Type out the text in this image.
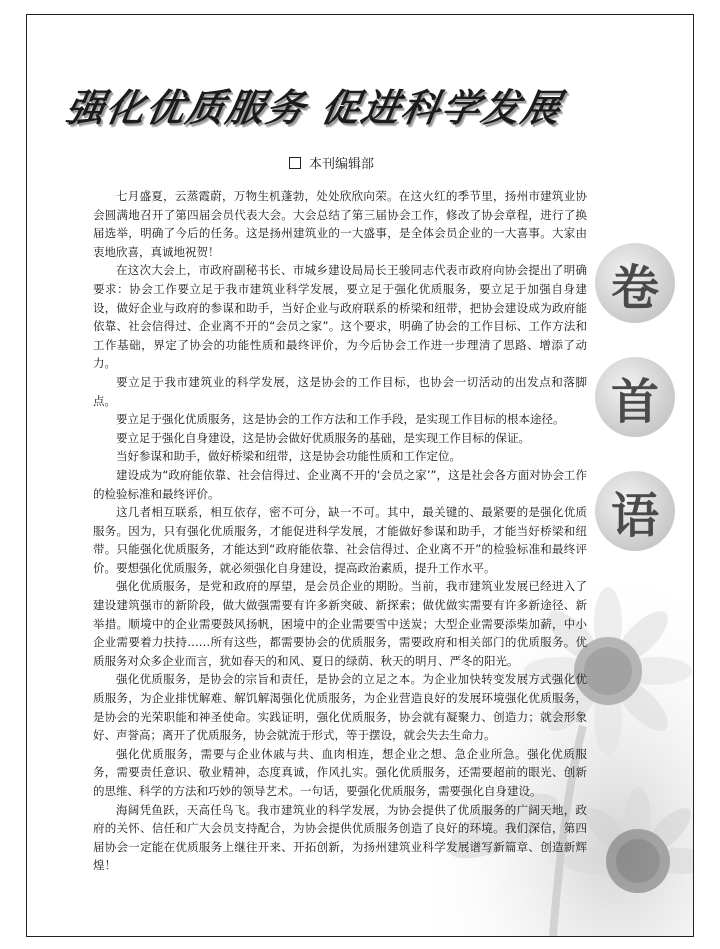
强化优质服务 促进科学发展
本刊编辑部
卷
首
语

七月盛夏，云蒸霞蔚，万物生机蓬勃，处处欣欣向荣。在这火红的季节里，扬州市建筑业协会圆满地召开了第四届会员代表大会。大会总结了第三届协会工作，修改了协会章程，进行了换届选举，明确了今后的任务。这是扬州建筑业的一大盛事，是全体会员企业的一大喜事。大家由衷地欣喜，真诚地祝贺！

在这次大会上，市政府副秘书长、市城乡建设局局长王骏同志代表市政府向协会提出了明确要求：协会工作要立足于我市建筑业科学发展，要立足于强化优质服务，要立足于加强自身建设，做好企业与政府的参谋和助手，当好企业与政府联系的桥梁和纽带，把协会建设成为政府能依靠、社会信得过、企业离不开的“会员之家”。这个要求，明确了协会的工作目标、工作方法和工作基础，界定了协会的功能性质和最终评价，为今后协会工作进一步理清了思路、增添了动力。

要立足于我市建筑业的科学发展，这是协会的工作目标，也协会一切活动的出发点和落脚点。

要立足于强化优质服务，这是协会的工作方法和工作手段，是实现工作目标的根本途径。

要立足于强化自身建设，这是协会做好优质服务的基础，是实现工作目标的保证。

当好参谋和助手，做好桥梁和纽带，这是协会功能性质和工作定位。

建设成为“政府能依靠、社会信得过、企业离不开的‘会员之家’”，这是社会各方面对协会工作的检验标准和最终评价。

这几者相互联系，相互依存，密不可分，缺一不可。其中，最关键的、最紧要的是强化优质服务。因为，只有强化优质服务，才能促进科学发展，才能做好参谋和助手，才能当好桥梁和纽带。只能强化优质服务，才能达到“政府能依靠、社会信得过、企业离不开”的检验标准和最终评价。要想强化优质服务，就必须强化自身建设，提高政治素质，提升工作水平。

强化优质服务，是党和政府的厚望，是会员企业的期盼。当前，我市建筑业发展已经进入了建设建筑强市的新阶段，做大做强需要有许多新突破、新探索；做优做实需要有许多新途径、新举措。顺境中的企业需要鼓风扬帆，困境中的企业需要雪中送炭；大型企业需要添柴加薪，中小企业需要着力扶持……所有这些，都需要协会的优质服务，需要政府和相关部门的优质服务。优质服务对众多企业而言，犹如春天的和风、夏日的绿荫、秋天的明月、严冬的阳光。

强化优质服务，是协会的宗旨和责任，是协会的立足之本。为企业加快转变发展方式强化优质服务，为企业排忧解难、解饥解渴强化优质服务，为企业营造良好的发展环境强化优质服务，是协会的光荣职能和神圣使命。实践证明，强化优质服务，协会就有凝聚力、创造力；就会形象好、声誉高；离开了优质服务，协会就流于形式，等于摆设，就会失去生命力。

强化优质服务，需要与企业休戚与共、血肉相连，想企业之想、急企业所急。强化优质服务，需要责任意识、敬业精神，态度真诚，作风扎实。强化优质服务，还需要超前的眼光、创新的思维、科学的方法和巧妙的领导艺术。一句话，要强化优质服务，需要强化自身建设。

海阔凭鱼跃，天高任鸟飞。我市建筑业的科学发展，为协会提供了优质服务的广阔天地，政府的关怀、信任和广大会员支持配合，为协会提供优质服务创造了良好的环境。我们深信，第四届协会一定能在优质服务上继往开来、开拓创新，为扬州建筑业科学发展谱写新篇章、创造新辉煌！
